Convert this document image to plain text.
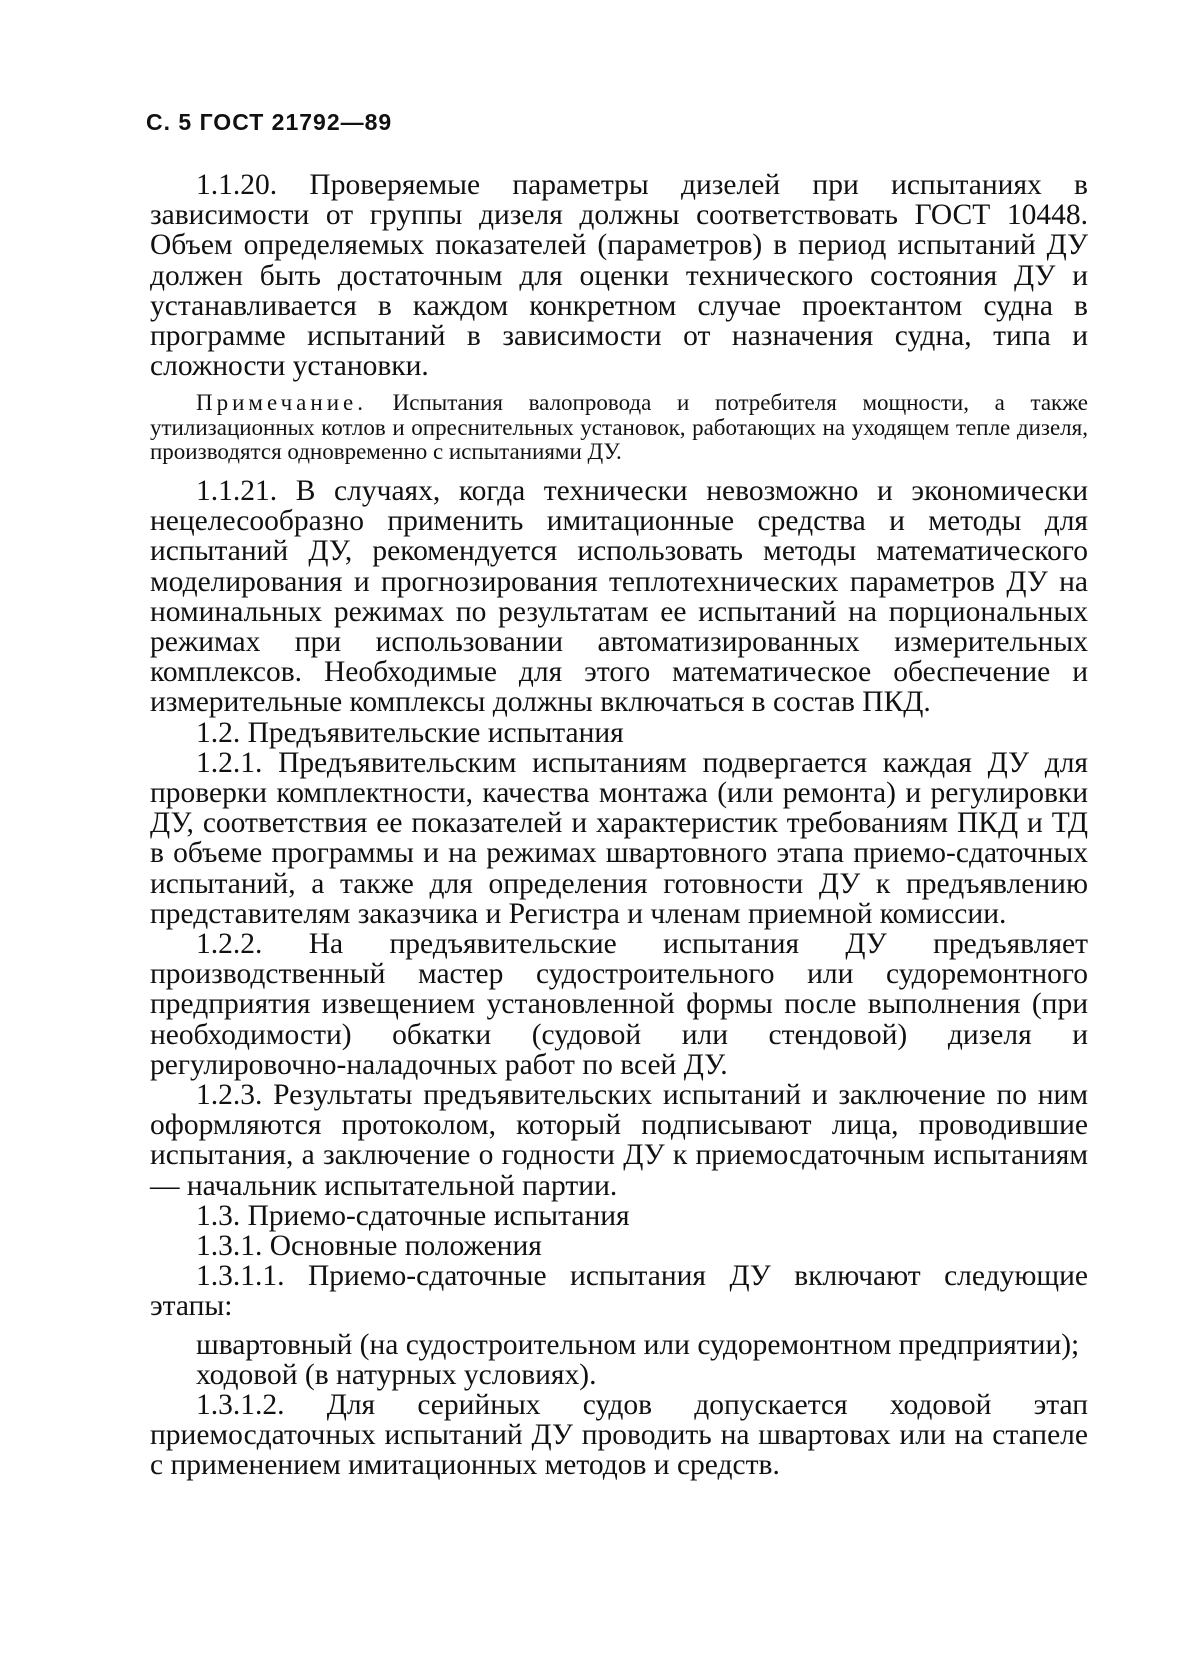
С. 5 ГОСТ 21792—89

1.1.20. Проверяемые параметры дизелей при испытаниях в зависимости от группы дизеля должны соответствовать ГОСТ 10448. Объем определяемых показателей (параметров) в период испытаний ДУ должен быть достаточным для оценки технического состояния ДУ и устанавливается в каждом конкретном случае проектантом судна в программе испытаний в зависимости от назначения судна, типа и сложности установки.

Примечание. Испытания валопровода и потребителя мощности, а также утилизационных котлов и опреснительных установок, работающих на уходящем тепле дизеля, производятся одновременно с испытаниями ДУ.

1.1.21. В случаях, когда технически невозможно и экономически нецелесообразно применить имитационные средства и методы для испытаний ДУ, рекомендуется использовать методы математического моделирования и прогнозирования теплотехнических параметров ДУ на номинальных режимах по результатам ее испытаний на порциональных режимах при использовании автоматизированных измерительных комплексов. Необходимые для этого математическое обеспечение и измерительные комплексы должны включаться в состав ПКД.

1.2. Предъявительские испытания

1.2.1. Предъявительским испытаниям подвергается каждая ДУ для проверки комплектности, качества монтажа (или ремонта) и регулировки ДУ, соответствия ее показателей и характеристик требованиям ПКД и ТД в объеме программы и на режимах швартовного этапа приемо-сдаточных испытаний, а также для определения готовности ДУ к предъявлению представителям заказчика и Регистра и членам приемной комиссии.

1.2.2. На предъявительские испытания ДУ предъявляет производственный мастер судостроительного или судоремонтного предприятия извещением установленной формы после выполнения (при необходимости) обкатки (судовой или стендовой) дизеля и регулировочно-наладочных работ по всей ДУ.

1.2.3. Результаты предъявительских испытаний и заключение по ним оформляются протоколом, который подписывают лица, проводившие испытания, а заключение о годности ДУ к приемосдаточным испытаниям — начальник испытательной партии.

1.3. Приемо-сдаточные испытания

1.3.1. Основные положения

1.3.1.1. Приемо-сдаточные испытания ДУ включают следующие этапы:

швартовный (на судостроительном или судоремонтном предприятии);

ходовой (в натурных условиях).

1.3.1.2. Для серийных судов допускается ходовой этап приемосдаточных испытаний ДУ проводить на швартовах или на стапеле с применением имитационных методов и средств.
